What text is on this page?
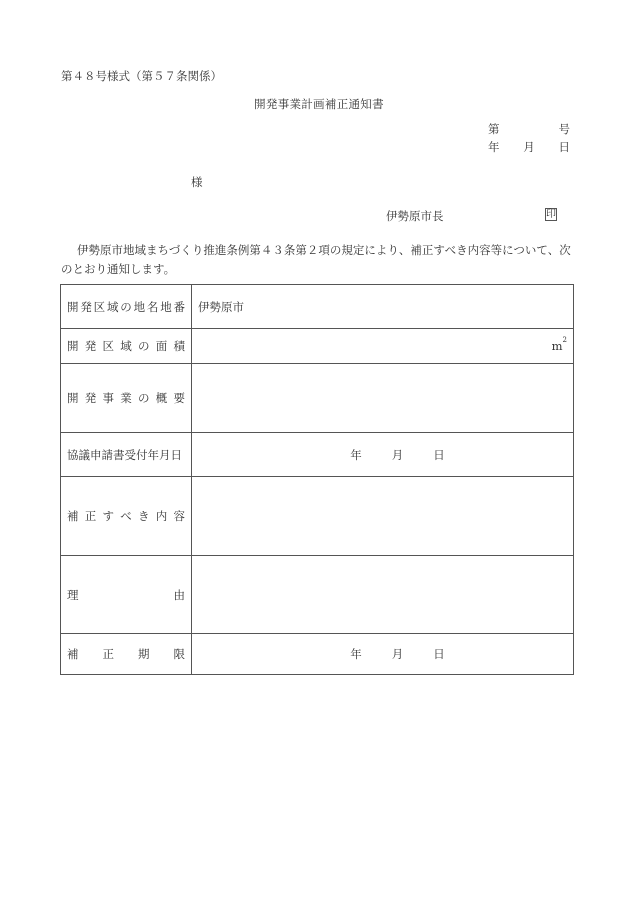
第４８号様式（第５７条関係）
開発事業計画補正通知書
第	号
年 月 日
様
伊勢原市長	印
伊勢原市地域まちづくり推進条例第４３条第２項の規定により、補正すべき内容等について、次のとおり通知します。
開 発 区 域 の 地 名 地 番	伊勢原市

開 発 区 域 の 面 積	$m^2$

開 発 事 業 の 概 要

協議申請書受付年月日	年 月 日

補 正 す べ き 内 容

理 由	

補 正 期 限	年 月 日
